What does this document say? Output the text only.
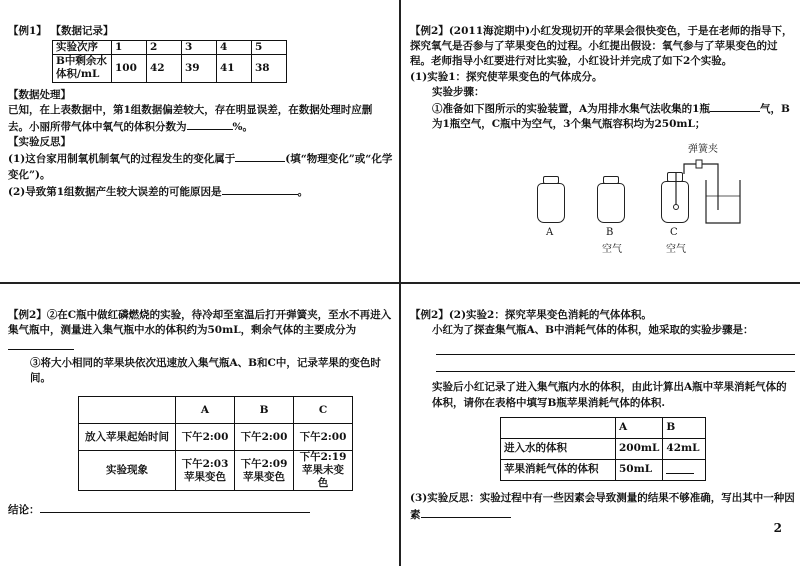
【例1】 【数据记录】

实验次序	1	2	3	4	5
B中剩余水体积/mL	100	42	39	41	38

【数据处理】

已知，在上表数据中，第1组数据偏差较大，存在明显误差，在数据处理时应删去。小丽所带气体中氧气的体积分数为	%。

【实验反思】

(1)这台家用制氧机制氧气的过程发生的变化属于	(填“物理变化”或“化学变化”)。

(2)导致第1组数据产生较大误差的可能原因是	。

【例2】(2011海淀期中)小红发现切开的苹果会很快变色，于是在老师的指导下，探究氧气是否参与了苹果变色的过程。小红提出假设：氧气参与了苹果变色的过程。老师指导小红要进行对比实验，小红设计并完成了如下2个实验。

(1)实验1：探究使苹果变色的气体成分。

实验步骤：

①准备如下图所示的实验装置，A为用排水集气法收集的1瓶	气，B为1瓶空气，C瓶中为空气，3个集气瓶容积均为250mL；

A	B
空气
弹簧夹
C
空气

【例2】②在C瓶中做红磷燃烧的实验，待冷却至室温后打开弹簧夹，至水不再进入集气瓶中，测量进入集气瓶中水的体积约为50mL，剩余气体的主要成分为

③将大小相同的苹果块依次迅速放入集气瓶A、B和C中，记录苹果的变色时间。

	A	B	C
放入苹果起始时间	下午2:00	下午2:00	下午2:00
实验现象	下午2:03苹果变色	下午2:09苹果变色	下午2:19苹果未变色

结论：

【例2】(2)实验2：探究苹果变色消耗的气体体积。

小红为了探查集气瓶A、B中消耗气体的体积，她采取的实验步骤是：

实验后小红记录了进入集气瓶内水的体积，由此计算出A瓶中苹果消耗气体的体积，请你在表格中填写B瓶苹果消耗气体的体积.

	A	B
进入水的体积	200mL	42mL
苹果消耗气体的体积	50mL	

(3)实验反思：实验过程中有一些因素会导致测量的结果不够准确，写出其中一种因素

2
